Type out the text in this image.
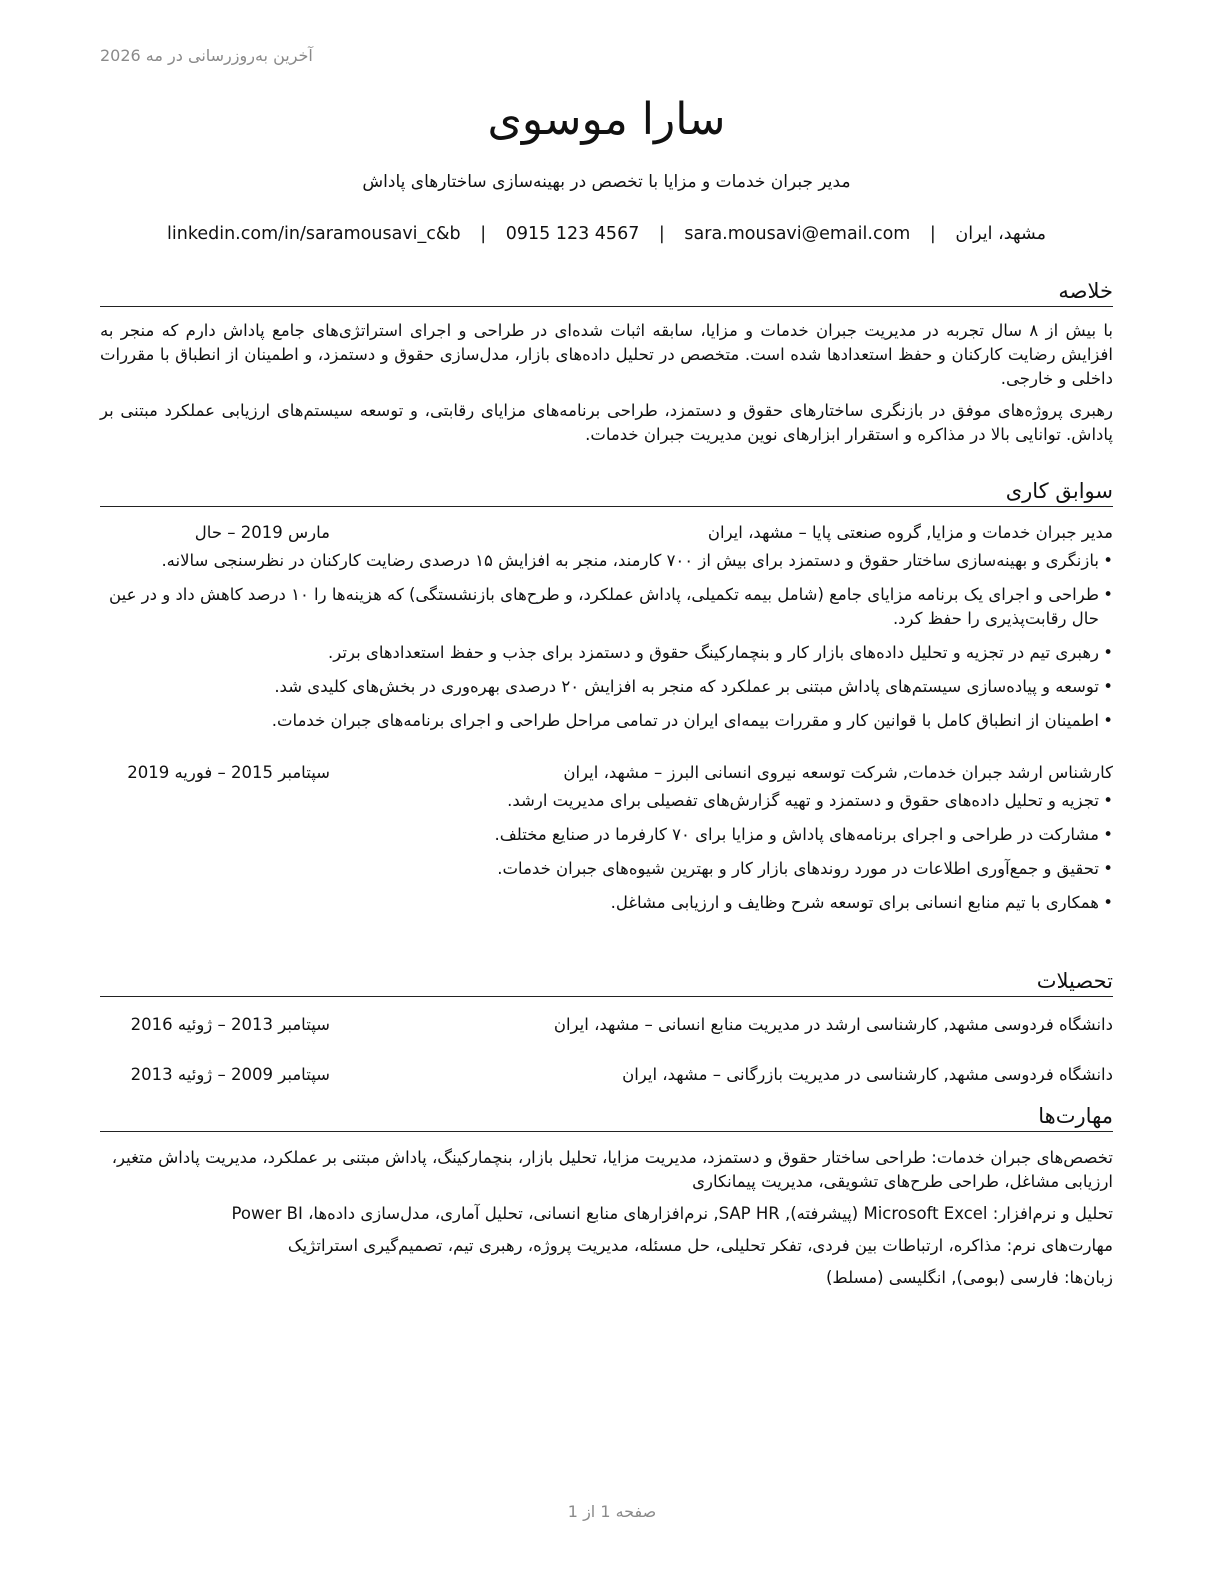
آخرین به‌روزرسانی در مه 2026
سارا موسوی
مدیر جبران خدمات و مزایا با تخصص در بهینه‌سازی ساختارهای پاداش
مشهد، ایران | sara.mousavi@email.com | 0915 123 4567 | linkedin.com/in/saramousavi_c&b
خلاصه

با بیش از ۸ سال تجربه در مدیریت جبران خدمات و مزایا، سابقه اثبات شده‌ای در طراحی و اجرای استراتژی‌های جامع پاداش دارم که منجر به افزایش رضایت کارکنان و حفظ استعدادها شده است. متخصص در تحلیل داده‌های بازار، مدل‌سازی حقوق و دستمزد، و اطمینان از انطباق با مقررات داخلی و خارجی.

رهبری پروژه‌های موفق در بازنگری ساختارهای حقوق و دستمزد، طراحی برنامه‌های مزایای رقابتی، و توسعه سیستم‌های ارزیابی عملکرد مبتنی بر پاداش. توانایی بالا در مذاکره و استقرار ابزارهای نوین مدیریت جبران خدمات.

سوابق کاری
مدیر جبران خدمات و مزایا, گروه صنعتی پایا – مشهد، ایران
مارس 2019 – حال
• بازنگری و بهینه‌سازی ساختار حقوق و دستمزد برای بیش از ۷۰۰ کارمند، منجر به افزایش ۱۵ درصدی رضایت کارکنان در نظرسنجی سالانه.
• طراحی و اجرای یک برنامه مزایای جامع (شامل بیمه تکمیلی، پاداش عملکرد، و طرح‌های بازنشستگی) که هزینه‌ها را ۱۰ درصد کاهش داد و در عین حال رقابت‌پذیری را حفظ کرد.
• رهبری تیم در تجزیه و تحلیل داده‌های بازار کار و بنچمارکینگ حقوق و دستمزد برای جذب و حفظ استعدادهای برتر.
• توسعه و پیاده‌سازی سیستم‌های پاداش مبتنی بر عملکرد که منجر به افزایش ۲۰ درصدی بهره‌وری در بخش‌های کلیدی شد.
• اطمینان از انطباق کامل با قوانین کار و مقررات بیمه‌ای ایران در تمامی مراحل طراحی و اجرای برنامه‌های جبران خدمات.
کارشناس ارشد جبران خدمات, شرکت توسعه نیروی انسانی البرز – مشهد، ایران
سپتامبر 2015 – فوریه 2019
• تجزیه و تحلیل داده‌های حقوق و دستمزد و تهیه گزارش‌های تفصیلی برای مدیریت ارشد.
• مشارکت در طراحی و اجرای برنامه‌های پاداش و مزایا برای ۷۰ کارفرما در صنایع مختلف.
• تحقیق و جمع‌آوری اطلاعات در مورد روندهای بازار کار و بهترین شیوه‌های جبران خدمات.
• همکاری با تیم منابع انسانی برای توسعه شرح وظایف و ارزیابی مشاغل.
تحصیلات
دانشگاه فردوسی مشهد, کارشناسی ارشد در مدیریت منابع انسانی – مشهد، ایران
سپتامبر 2013 – ژوئیه 2016
دانشگاه فردوسی مشهد, کارشناسی در مدیریت بازرگانی – مشهد، ایران
سپتامبر 2009 – ژوئیه 2013
مهارت‌ها
تخصص‌های جبران خدمات: طراحی ساختار حقوق و دستمزد، مدیریت مزایا، تحلیل بازار، بنچمارکینگ، پاداش مبتنی بر عملکرد، مدیریت پاداش متغیر، ارزیابی مشاغل، طراحی طرح‌های تشویقی، مدیریت پیمانکاری
تحلیل و نرم‌افزار: Microsoft Excel (پیشرفته), SAP HR, نرم‌افزارهای منابع انسانی، تحلیل آماری، مدل‌سازی داده‌ها، Power BI
مهارت‌های نرم: مذاکره، ارتباطات بین فردی، تفکر تحلیلی، حل مسئله، مدیریت پروژه، رهبری تیم، تصمیم‌گیری استراتژیک
زبان‌ها: فارسی (بومی), انگلیسی (مسلط)
صفحه 1 از 1
